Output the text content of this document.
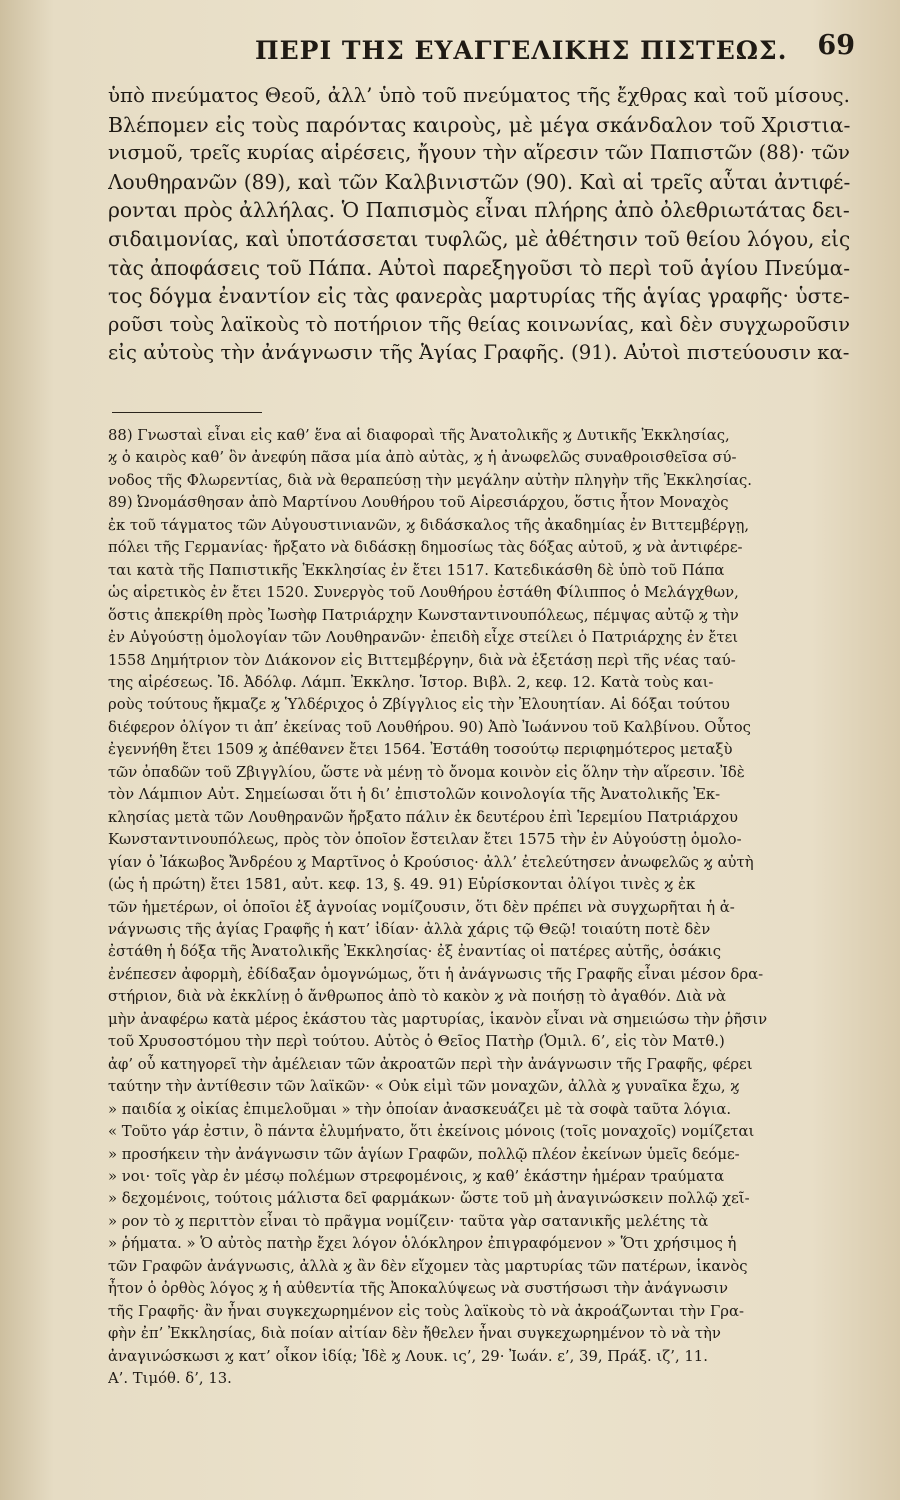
ΠΕΡΙ ΤΗΣ ΕΥΑΓΓΕΛΙΚΗΣ ΠΙΣΤΕΩΣ. 69
ὑπὸ πνεύματος Θεοῦ, ἀλλ’ ὑπὸ τοῦ πνεύματος τῆς ἔχθρας καὶ τοῦ μίσους.
Βλέπομεν εἰς τοὺς παρόντας καιροὺς, μὲ μέγα σκάνδαλον τοῦ Χριστια-
νισμοῦ, τρεῖς κυρίας αἱρέσεις, ἤγουν τὴν αἵρεσιν τῶν Παπιστῶν (88)· τῶν
Λουθηρανῶν (89), καὶ τῶν Καλβινιστῶν (90). Καὶ αἱ τρεῖς αὗται ἀντιφέ-
ρονται πρὸς ἀλλήλας. Ὁ Παπισμὸς εἶναι πλήρης ἀπὸ ὀλεθριωτάτας δει-
σιδαιμονίας, καὶ ὑποτάσσεται τυφλῶς, μὲ ἀθέτησιν τοῦ θείου λόγου, εἰς
τὰς ἀποφάσεις τοῦ Πάπα. Αὐτοὶ παρεξηγοῦσι τὸ περὶ τοῦ ἁγίου Πνεύμα-
τος δόγμα ἐναντίον εἰς τὰς φανερὰς μαρτυρίας τῆς ἁγίας γραφῆς· ὑστε-
ροῦσι τοὺς λαϊκοὺς τὸ ποτήριον τῆς θείας κοινωνίας, καὶ δὲν συγχωροῦσιν
εἰς αὐτοὺς τὴν ἀνάγνωσιν τῆς Ἁγίας Γραφῆς. (91). Αὐτοὶ πιστεύουσιν κα-
88) Γνωσταὶ εἶναι εἰς καθ’ ἕνα αἱ διαφοραὶ τῆς Ἀνατολικῆς ϗ Δυτικῆς Ἐκκλησίας,
ϗ ὁ καιρὸς καθ’ ὃν ἀνεφύη πᾶσα μία ἀπὸ αὐτὰς, ϗ ἡ ἀνωφελῶς συναθροισθεῖσα σύ-
νοδος τῆς Φλωρεντίας, διὰ νὰ θεραπεύσῃ τὴν μεγάλην αὐτὴν πληγὴν τῆς Ἐκκλησίας.
89) Ὠνομάσθησαν ἀπὸ Μαρτίνου Λουθήρου τοῦ Αἱρεσιάρχου, ὅστις ἦτον Μοναχὸς
ἐκ τοῦ τάγματος τῶν Αὐγουστινιανῶν, ϗ διδάσκαλος τῆς ἀκαδημίας ἐν Βιττεμβέργῃ,
πόλει τῆς Γερμανίας· ἤρξατο νὰ διδάσκῃ δημοσίως τὰς δόξας αὐτοῦ, ϗ νὰ ἀντιφέρε-
ται κατὰ τῆς Παπιστικῆς Ἐκκλησίας ἐν ἔτει 1517. Κατεδικάσθη δὲ ὑπὸ τοῦ Πάπα
ὡς αἱρετικὸς ἐν ἔτει 1520. Συνεργὸς τοῦ Λουθήρου ἐστάθη Φίλιππος ὁ Μελάγχθων,
ὅστις ἀπεκρίθη πρὸς Ἰωσὴφ Πατριάρχην Κωνσταντινουπόλεως, πέμψας αὐτῷ ϗ τὴν
ἐν Αὐγούστῃ ὁμολογίαν τῶν Λουθηρανῶν· ἐπειδὴ εἶχε στείλει ὁ Πατριάρχης ἐν ἔτει
1558 Δημήτριον τὸν Διάκονον εἰς Βιττεμβέργην, διὰ νὰ ἐξετάσῃ περὶ τῆς νέας ταύ-
της αἱρέσεως. Ἰδ. Ἀδόλφ. Λάμπ. Ἐκκλησ. Ἱστορ. Βιβλ. 2, κεφ. 12. Κατὰ τοὺς και-
ροὺς τούτους ἤκμαζε ϗ Ὑλδέριχος ὁ Ζβίγγλιος εἰς τὴν Ἐλουητίαν. Αἱ δόξαι τούτου
διέφερον ὀλίγον τι ἀπ’ ἐκείνας τοῦ Λουθήρου. 90) Ἀπὸ Ἰωάννου τοῦ Καλβίνου. Οὗτος
ἐγεννήθη ἔτει 1509 ϗ ἀπέθανεν ἔτει 1564. Ἐστάθη τοσούτῳ περιφημότερος μεταξὺ
τῶν ὀπαδῶν τοῦ Ζβιγγλίου, ὥστε νὰ μένῃ τὸ ὄνομα κοινὸν εἰς ὅλην τὴν αἵρεσιν. Ἰδὲ
τὸν Λάμπιον Αὐτ. Σημείωσαι ὅτι ἡ δι’ ἐπιστολῶν κοινολογία τῆς Ἀνατολικῆς Ἐκ-
κλησίας μετὰ τῶν Λουθηρανῶν ἤρξατο πάλιν ἐκ δευτέρου ἐπὶ Ἱερεμίου Πατριάρχου
Κωνσταντινουπόλεως, πρὸς τὸν ὁποῖον ἔστειλαν ἔτει 1575 τὴν ἐν Αὐγούστῃ ὁμολο-
γίαν ὁ Ἰάκωβος Ἄνδρέου ϗ Μαρτῖνος ὁ Κρούσιος· ἀλλ’ ἐτελεύτησεν ἀνωφελῶς ϗ αὐτὴ
(ὡς ἡ πρώτη) ἔτει 1581, αὐτ. κεφ. 13, §. 49. 91) Εὑρίσκονται ὀλίγοι τινὲς ϗ ἐκ
τῶν ἡμετέρων, οἱ ὁποῖοι ἐξ ἀγνοίας νομίζουσιν, ὅτι δὲν πρέπει νὰ συγχωρῆται ἡ ἀ-
νάγνωσις τῆς ἁγίας Γραφῆς ἡ κατ’ ἰδίαν· ἀλλὰ χάρις τῷ Θεῷ! τοιαύτη ποτὲ δὲν
ἐστάθη ἡ δόξα τῆς Ἀνατολικῆς Ἐκκλησίας· ἐξ ἐναντίας οἱ πατέρες αὐτῆς, ὁσάκις
ἐνέπεσεν ἀφορμὴ, ἐδίδαξαν ὁμογνώμως, ὅτι ἡ ἀνάγνωσις τῆς Γραφῆς εἶναι μέσον δρα-
στήριον, διὰ νὰ ἐκκλίνῃ ὁ ἄνθρωπος ἀπὸ τὸ κακὸν ϗ νὰ ποιήσῃ τὸ ἀγαθόν. Διὰ νὰ
μὴν ἀναφέρω κατὰ μέρος ἑκάστου τὰς μαρτυρίας, ἱκανὸν εἶναι νὰ σημειώσω τὴν ῥῆσιν
τοῦ Χρυσοστόμου τὴν περὶ τούτου. Αὐτὸς ὁ Θεῖος Πατὴρ (Ὁμιλ. 6’, εἰς τὸν Ματθ.)
ἀφ’ οὗ κατηγορεῖ τὴν ἀμέλειαν τῶν ἀκροατῶν περὶ τὴν ἀνάγνωσιν τῆς Γραφῆς, φέρει
ταύτην τὴν ἀντίθεσιν τῶν λαϊκῶν· « Οὐκ εἰμὶ τῶν μοναχῶν, ἀλλὰ ϗ γυναῖκα ἔχω, ϗ
» παιδία ϗ οἰκίας ἐπιμελοῦμαι » τὴν ὁποίαν ἀνασκευάζει μὲ τὰ σοφὰ ταῦτα λόγια.
« Τοῦτο γάρ ἐστιν, ὃ πάντα ἐλυμήνατο, ὅτι ἐκείνοις μόνοις (τοῖς μοναχοῖς) νομίζεται
» προσήκειν τὴν ἀνάγνωσιν τῶν ἁγίων Γραφῶν, πολλῷ πλέον ἐκείνων ὑμεῖς δεόμε-
» νοι· τοῖς γὰρ ἐν μέσῳ πολέμων στρεφομένοις, ϗ καθ’ ἑκάστην ἡμέραν τραύματα
» δεχομένοις, τούτοις μάλιστα δεῖ φαρμάκων· ὥστε τοῦ μὴ ἀναγινώσκειν πολλῷ χεῖ-
» ρον τὸ ϗ περιττὸν εἶναι τὸ πρᾶγμα νομίζειν· ταῦτα γὰρ σατανικῆς μελέτης τὰ
» ῥήματα. » Ὁ αὐτὸς πατὴρ ἔχει λόγον ὁλόκληρον ἐπιγραφόμενον » Ὅτι χρήσιμος ἡ
τῶν Γραφῶν ἀνάγνωσις, ἀλλὰ ϗ ἂν δὲν εἴχομεν τὰς μαρτυρίας τῶν πατέρων, ἱκανὸς
ἦτον ὁ ὀρθὸς λόγος ϗ ἡ αὐθεντία τῆς Ἀποκαλύψεως νὰ συστήσωσι τὴν ἀνάγνωσιν
τῆς Γραφῆς· ἂν ἦναι συγκεχωρημένον εἰς τοὺς λαϊκοὺς τὸ νὰ ἀκροάζωνται τὴν Γρα-
φὴν ἐπ’ Ἐκκλησίας, διὰ ποίαν αἰτίαν δὲν ἤθελεν ἦναι συγκεχωρημένον τὸ νὰ τὴν
ἀναγινώσκωσι ϗ κατ’ οἶκον ἰδίᾳ; Ἰδὲ ϗ Λουκ. ις’, 29· Ἰωάν. ε’, 39, Πράξ. ιζ’, 11.
Α’. Τιμόθ. δ’, 13.
